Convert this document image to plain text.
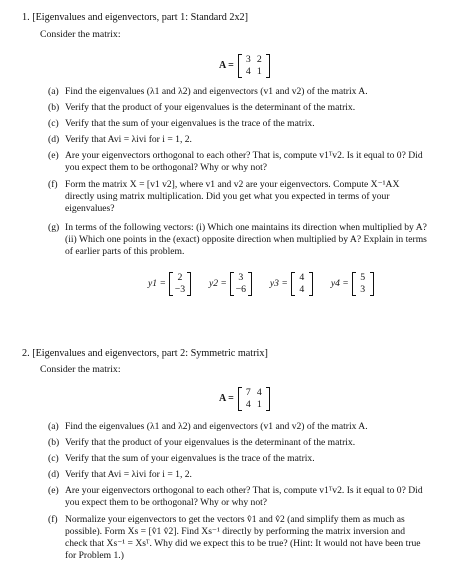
1. [Eigenvalues and eigenvectors, part 1: Standard 2x2]
Consider the matrix:
A =
3 2
4 1
(a) Find the eigenvalues (λ1 and λ2) and eigenvectors (v1 and v2) of the matrix A.
(b) Verify that the product of your eigenvalues is the determinant of the matrix.
(c) Verify that the sum of your eigenvalues is the trace of the matrix.
(d) Verify that Avi = λivi for i = 1, 2.
(e) Are your eigenvectors orthogonal to each other? That is, compute v1ᵀv2. Is it equal to 0? Did
you expect them to be orthogonal? Why or why not?
(f) Form the matrix X = [v1 v2], where v1 and v2 are your eigenvectors. Compute X⁻¹AX
directly using matrix multiplication. Did you get what you expected in terms of your
eigenvalues?
(g) In terms of the following vectors: (i) Which one maintains its direction when multiplied by A?
(ii) Which one points in the (exact) opposite direction when multiplied by A? Explain in terms
of earlier parts of this problem.
y1 =
2
−3
y2 =
3
−6
y3 =
4
4
y4 =
5
3
2. [Eigenvalues and eigenvectors, part 2: Symmetric matrix]
Consider the matrix:
A =
7 4
4 1
(a) Find the eigenvalues (λ1 and λ2) and eigenvectors (v1 and v2) of the matrix A.
(b) Verify that the product of your eigenvalues is the determinant of the matrix.
(c) Verify that the sum of your eigenvalues is the trace of the matrix.
(d) Verify that Avi = λivi for i = 1, 2.
(e) Are your eigenvectors orthogonal to each other? That is, compute v1ᵀv2. Is it equal to 0? Did
you expect them to be orthogonal? Why or why not?
(f) Normalize your eigenvectors to get the vectors v̂1 and v̂2 (and simplify them as much as
possible). Form Xs = [v̂1 v̂2]. Find Xs⁻¹ directly by performing the matrix inversion and
check that Xs⁻¹ = Xsᵀ. Why did we expect this to be true? (Hint: It would not have been true
for Problem 1.)
